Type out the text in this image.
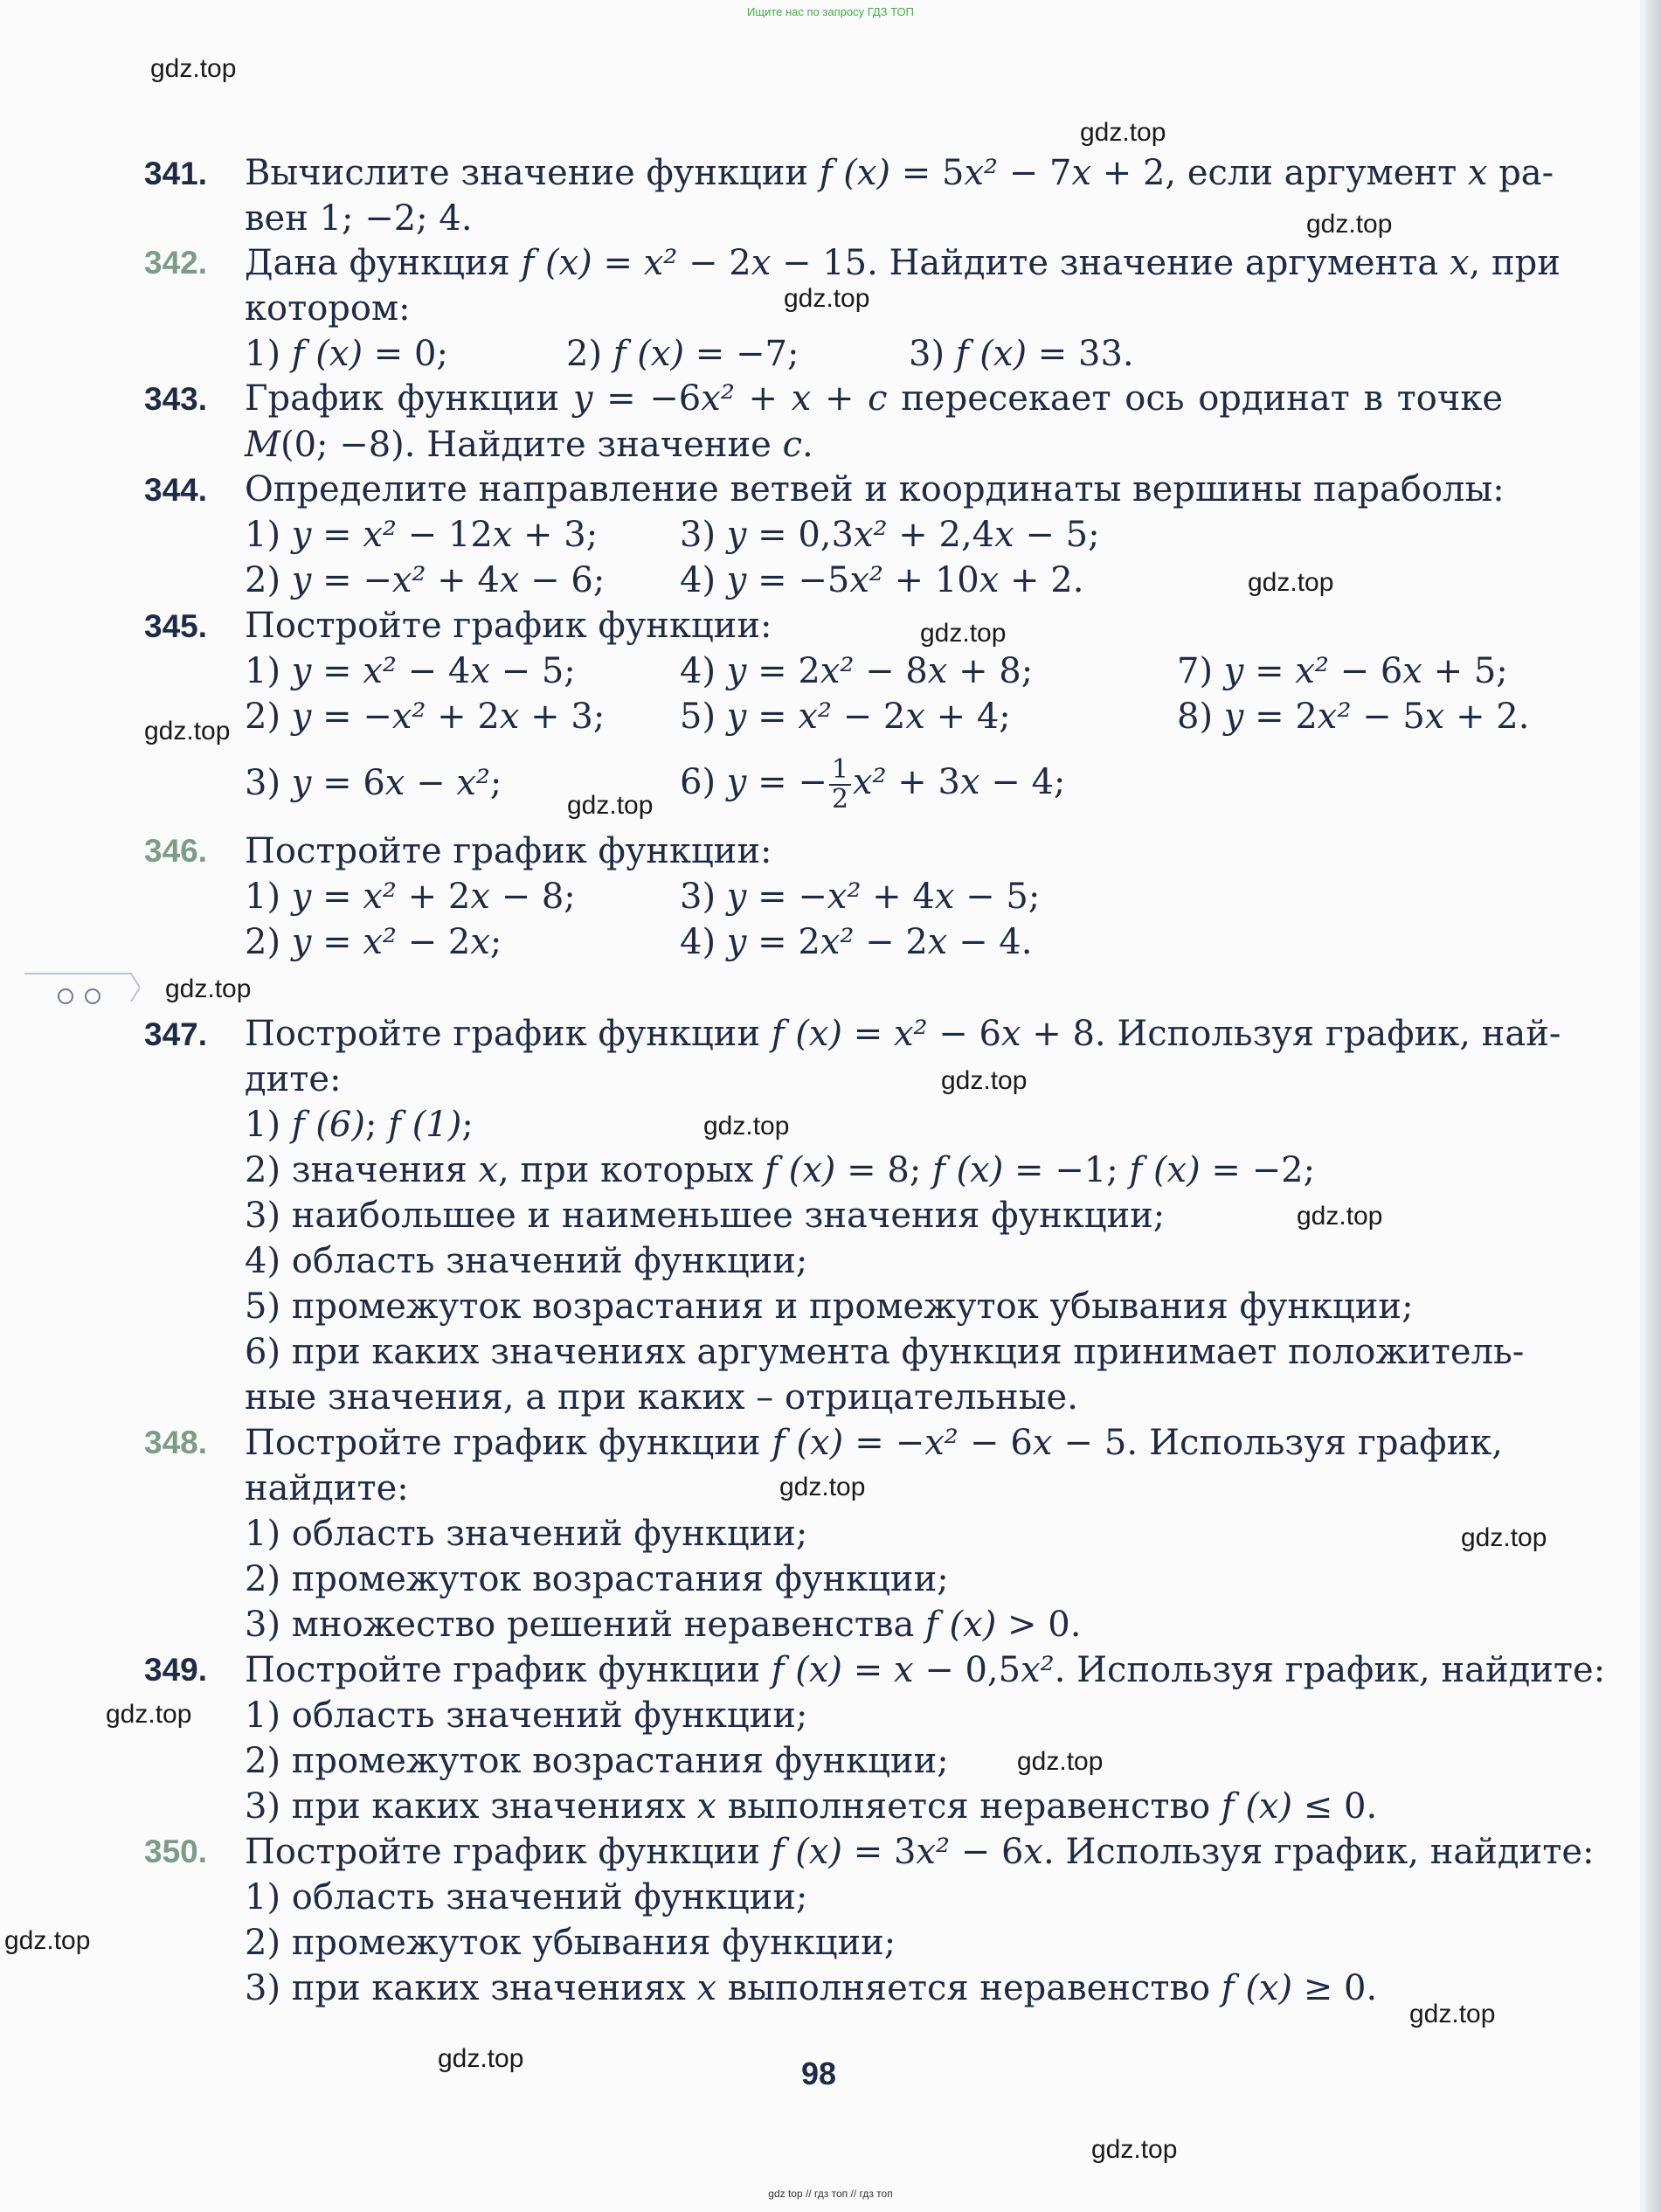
Ищите нас по запросу ГДЗ ТОП
gdz.top
gdz.top
gdz.top
gdz.top
gdz.top
gdz.top
gdz.top
gdz.top
gdz.top
gdz.top
gdz.top
gdz.top
gdz.top
gdz.top
gdz.top
gdz.top
gdz.top
gdz.top
gdz.top
gdz.top
341. Вычислите значение функции f (x) = 5x² − 7x + 2, если аргумент x ра-
вен 1; −2; 4.
342. Дана функция f (x) = x² − 2x − 15. Найдите значение аргумента x, при
котором:
1) f (x) = 0;	2) f (x) = −7;	3) f (x) = 33.
343. График функции y = −6x² + x + c пересекает ось ординат в точке
M(0; −8). Найдите значение c.
344. Определите направление ветвей и координаты вершины параболы:
1) y = x² − 12x + 3; 3) y = 0,3x² + 2,4x − 5;
2) y = −x² + 4x − 6; 4) y = −5x² + 10x + 2.
345. Постройте график функции:
1) y = x² − 4x − 5;	4) y = 2x² − 8x + 8;	7) y = x² − 6x + 5;
2) y = −x² + 2x + 3; 5) y = x² − 2x + 4;	8) y = 2x² − 5x + 2.
3) y = 6x − x²;	6) y = − $\frac{1}{2} x^2 + 3x - 4$;
346. Постройте график функции:
1) y = x² + 2x − 8;	3) y = −x² + 4x − 5;
2) y = x² − 2x;	4) y = 2x² − 2x − 4.
347. Постройте график функции f (x) = x² − 6x + 8. Используя график, най-
дите:
1) f (6); f (1);
2) значения x, при которых f (x) = 8; f (x) = −1; f (x) = −2;
3) наибольшее и наименьшее значения функции;
4) область значений функции;
5) промежуток возрастания и промежуток убывания функции;
6) при каких значениях аргумента функция принимает положитель-
ные значения, а при каких – отрицательные.
348. Постройте график функции f (x) = −x² − 6x − 5. Используя график,
найдите:
1) область значений функции;
2) промежуток возрастания функции;
3) множество решений неравенства f (x) > 0.
349. Постройте график функции f (x) = x − 0,5x². Используя график, найдите:
1) область значений функции;
2) промежуток возрастания функции;
3) при каких значениях x выполняется неравенство f (x) ≤ 0.
350. Постройте график функции f (x) = 3x² − 6x. Используя график, найдите:
1) область значений функции;
2) промежуток убывания функции;
3) при каких значениях x выполняется неравенство f (x) ≥ 0.
98
gdz top // гдз топ // гдз топ
